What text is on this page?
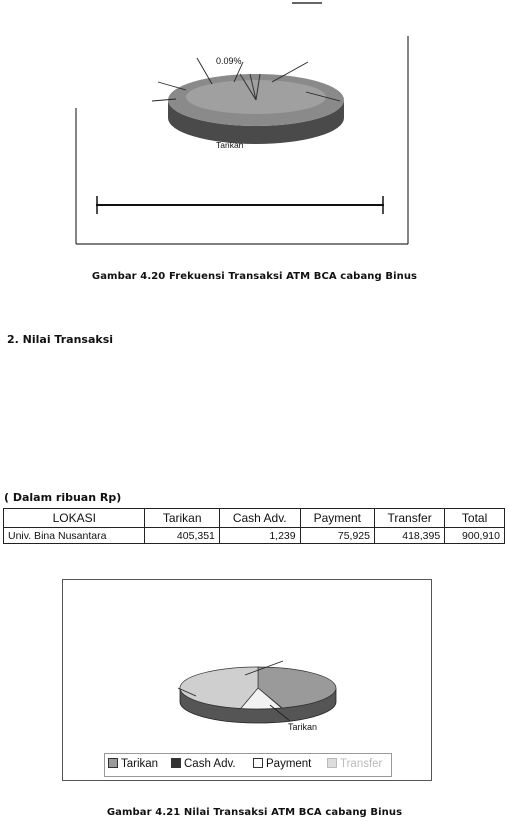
0.09%
Tarikan
Gambar 4.20 Frekuensi Transaksi ATM BCA cabang Binus
2. Nilai Transaksi
( Dalam ribuan Rp)
LOKASI	Tarikan	Cash Adv.	Payment	Transfer	Total
Univ. Bina Nusantara	405,351	1,239	75,925	418,395	900,910
Tarikan
Tarikan	Cash Adv.	Payment	Transfer
Gambar 4.21 Nilai Transaksi ATM BCA cabang Binus
